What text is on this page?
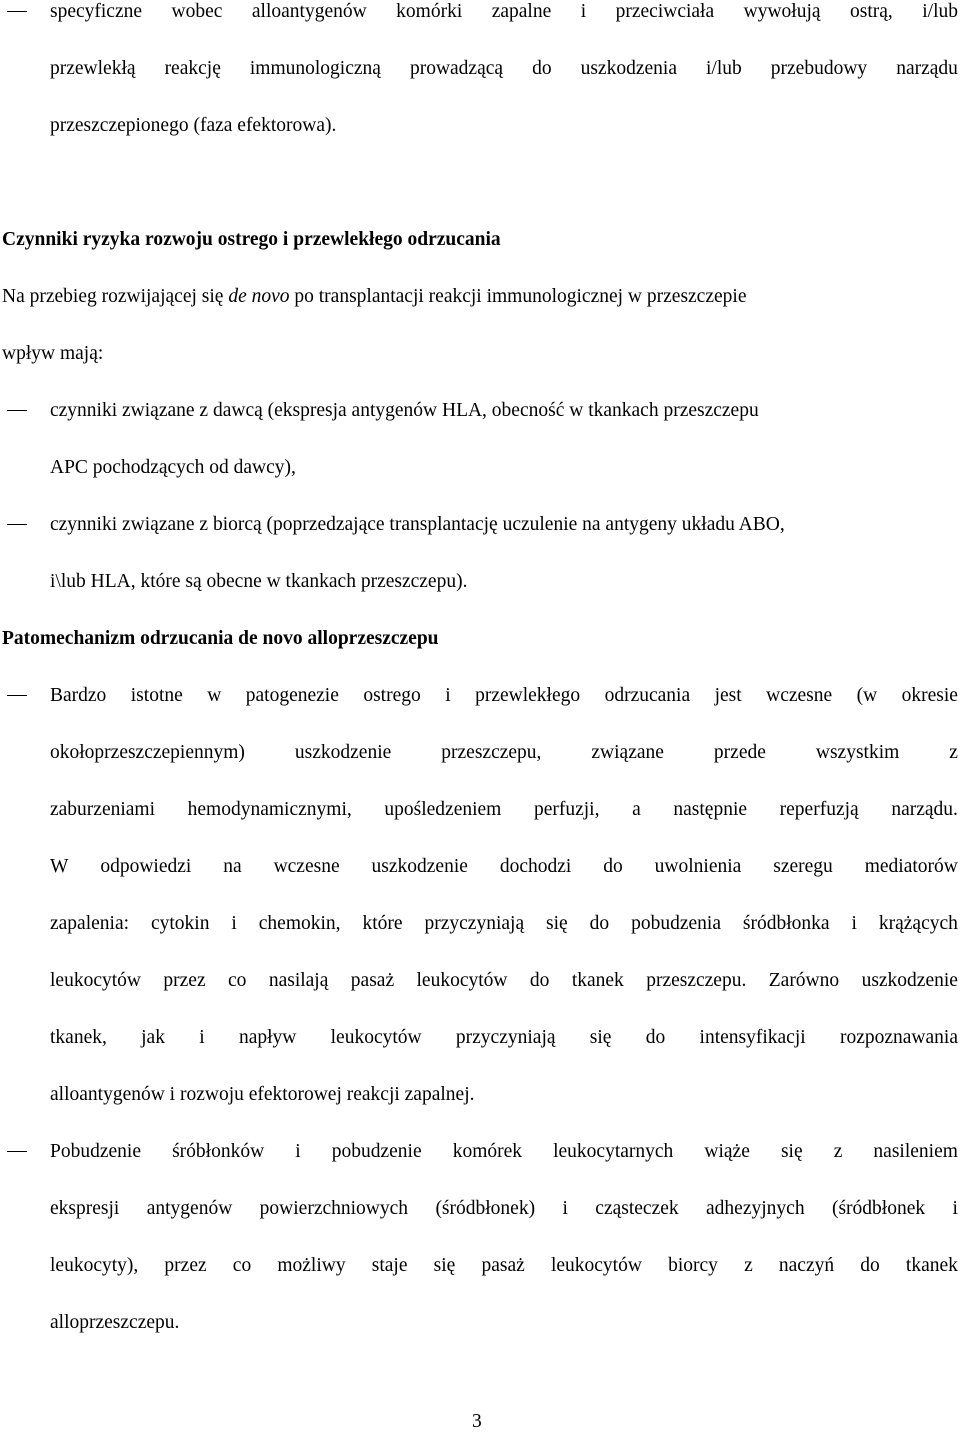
specyficzne wobec alloantygenów komórki zapalne i przeciwciała wywołują ostrą, i/lub
przewlekłą reakcję immunologiczną prowadzącą do uszkodzenia i/lub przebudowy narządu
przeszczepionego (faza efektorowa).
Czynniki ryzyka rozwoju ostrego i przewlekłego odrzucania
Na przebieg rozwijającej się de novo po transplantacji reakcji immunologicznej w przeszczepie
wpływ mają:
czynniki związane z dawcą (ekspresja antygenów HLA, obecność w tkankach przeszczepu
APC pochodzących od dawcy),
czynniki związane z biorcą (poprzedzające transplantację uczulenie na antygeny układu ABO,
i\lub HLA, które są obecne w tkankach przeszczepu).
Patomechanizm odrzucania de novo alloprzeszczepu
Bardzo istotne w patogenezie ostrego i przewlekłego odrzucania jest wczesne (w okresie
okołoprzeszczepiennym)	uszkodzenie	przeszczepu,	związane	przede	wszystkim	z
zaburzeniami hemodynamicznymi, upośledzeniem perfuzji, a następnie reperfuzją narządu.
W odpowiedzi na wczesne uszkodzenie dochodzi do uwolnienia szeregu mediatorów
zapalenia: cytokin i chemokin, które przyczyniają się do pobudzenia śródbłonka i krążących
leukocytów przez co nasilają pasaż leukocytów do tkanek przeszczepu. Zarówno uszkodzenie
tkanek, jak i napływ leukocytów przyczyniają się do intensyfikacji rozpoznawania
alloantygenów i rozwoju efektorowej reakcji zapalnej.
Pobudzenie śróbłonków i pobudzenie komórek leukocytarnych wiąże się z nasileniem
ekspresji antygenów powierzchniowych (śródbłonek) i cząsteczek adhezyjnych (śródbłonek i
leukocyty), przez co możliwy staje się pasaż leukocytów biorcy z naczyń do tkanek
alloprzeszczepu.
3
